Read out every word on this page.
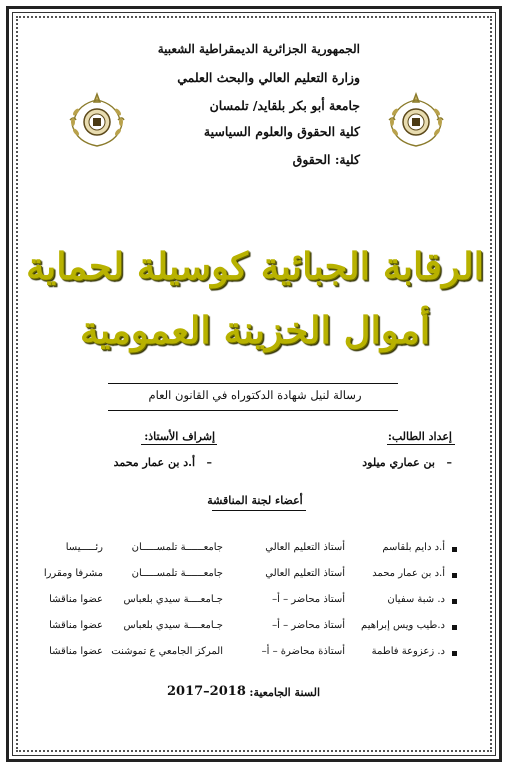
الجمهورية الجزائرية الديمقراطية الشعبية
وزارة التعليم العالي والبحث العلمي
جامعة أبو بكر بلقايد/ تلمسان
كلية الحقوق والعلوم السياسية
كلية: الحقوق
الرقابة الجبائية كوسيلة لحماية
أموال الخزينة العمومية
رسالة لنيل شهادة الدكتوراه في القانون العام
إعداد الطالب:
–   بن عماري ميلود
إشراف الأستاذ:
–   أ.د بن عمار محمد
أعضاء لجنة المناقشة
أ.د دايم بلقاسم
أستاذ التعليم العالي
جامعــــــة تلمســـــان
رئـــــيسا
أ.د بن عمار محمد
أستاذ التعليم العالي
جامعــــــة تلمســـــان
مشرفا ومقررا
د. شبة سفيان
أستاذ محاضر – أ–
جـامعــــة سيدي بلعباس
عضوا مناقشا
د.طيب ويس إبراهيم
أستاذ محاضر – أ–
جـامعــــة سيدي بلعباس
عضوا مناقشا
د. زعزوعة فاطمة
أستاذة محاضرة – أ–
المركز الجامعي ع تموشنت
عضوا مناقشا
السنة الجامعية:
2017–2018
